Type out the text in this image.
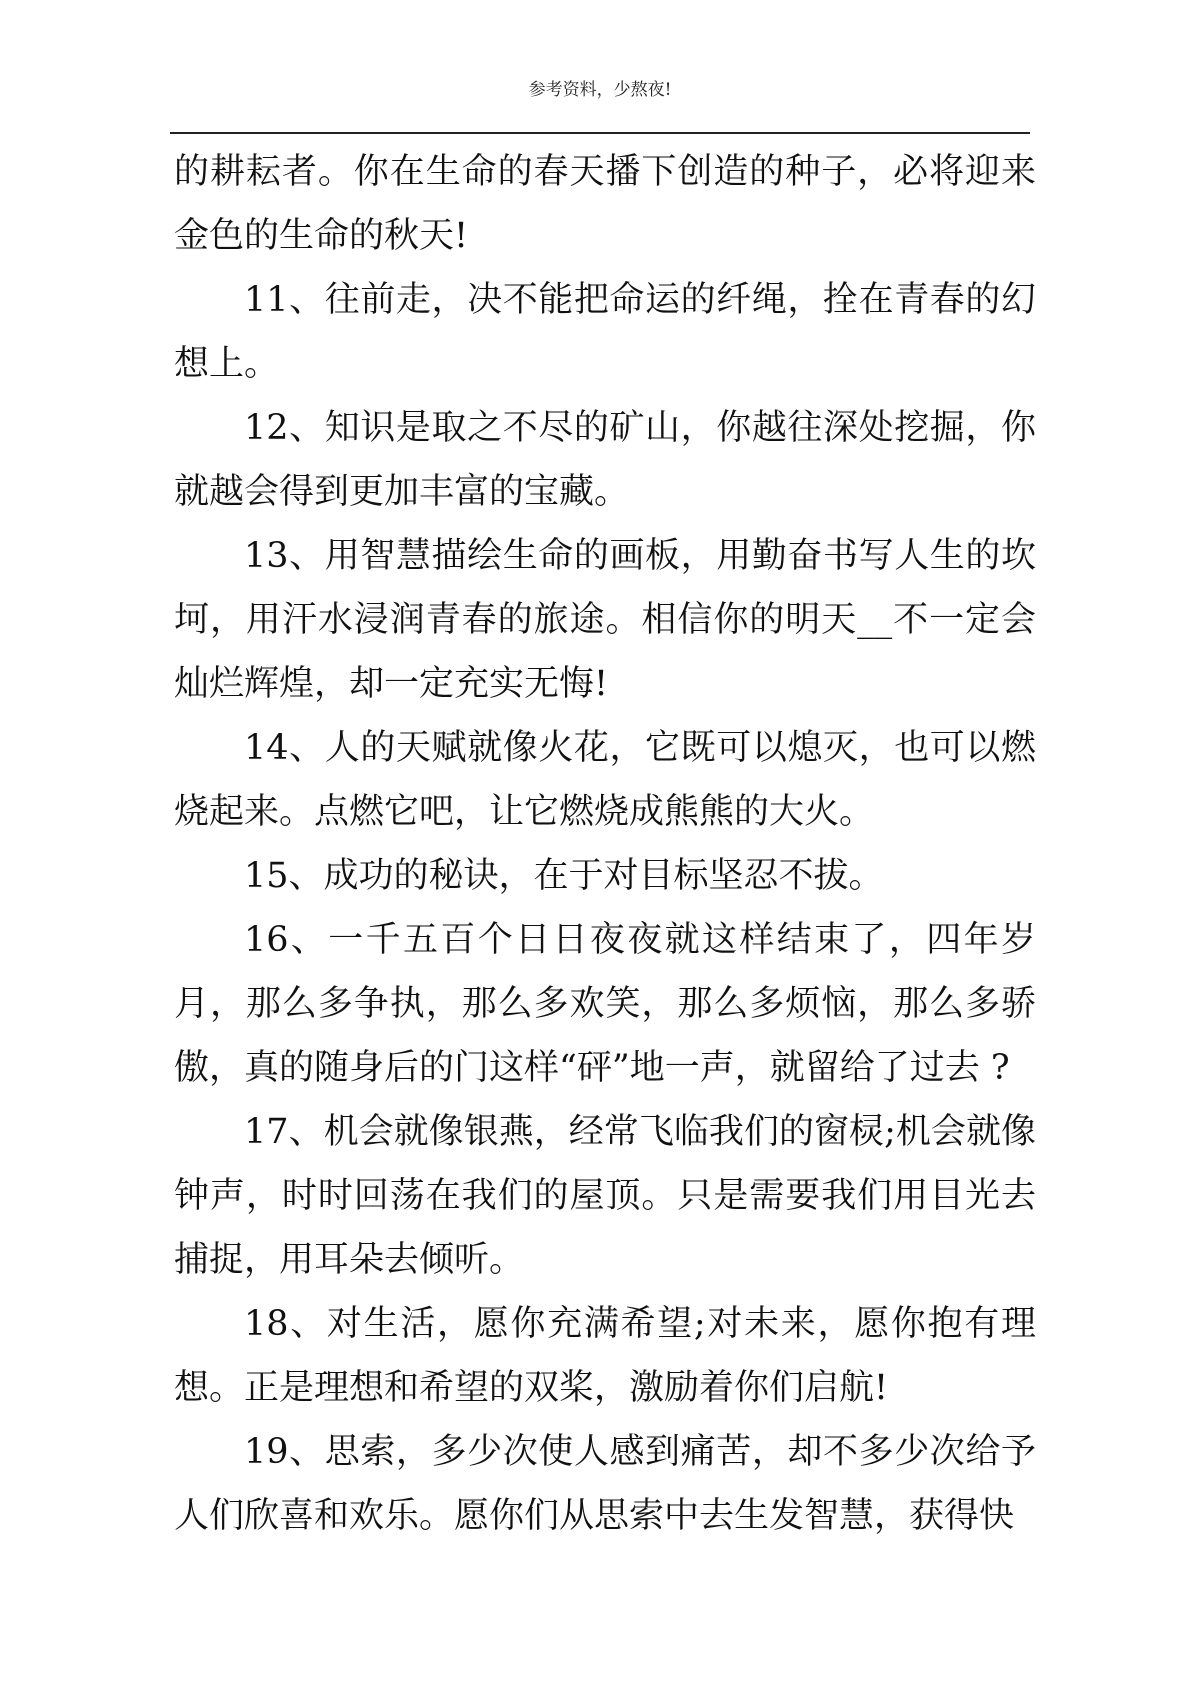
参考资料，少熬夜!

的耕耘者。你在生命的春天播下创造的种子，必将迎来金色的生命的秋天!

11、往前走，决不能把命运的纤绳，拴在青春的幻想上。

12、知识是取之不尽的矿山，你越往深处挖掘，你就越会得到更加丰富的宝藏。

13、用智慧描绘生命的画板，用勤奋书写人生的坎坷，用汗水浸润青春的旅途。相信你的明天__不一定会灿烂辉煌，却一定充实无悔!

14、人的天赋就像火花，它既可以熄灭，也可以燃烧起来。点燃它吧，让它燃烧成熊熊的大火。

15、成功的秘诀，在于对目标坚忍不拔。

16、一千五百个日日夜夜就这样结束了，四年岁月，那么多争执，那么多欢笑，那么多烦恼，那么多骄傲，真的随身后的门这样“砰”地一声，就留给了过去 ?

17、机会就像银燕，经常飞临我们的窗棂;机会就像钟声，时时回荡在我们的屋顶。只是需要我们用目光去捕捉，用耳朵去倾听。

18、对生活，愿你充满希望;对未来，愿你抱有理想。正是理想和希望的双桨，激励着你们启航!

19、思索，多少次使人感到痛苦，却不多少次给予人们欣喜和欢乐。愿你们从思索中去生发智慧，获得快
